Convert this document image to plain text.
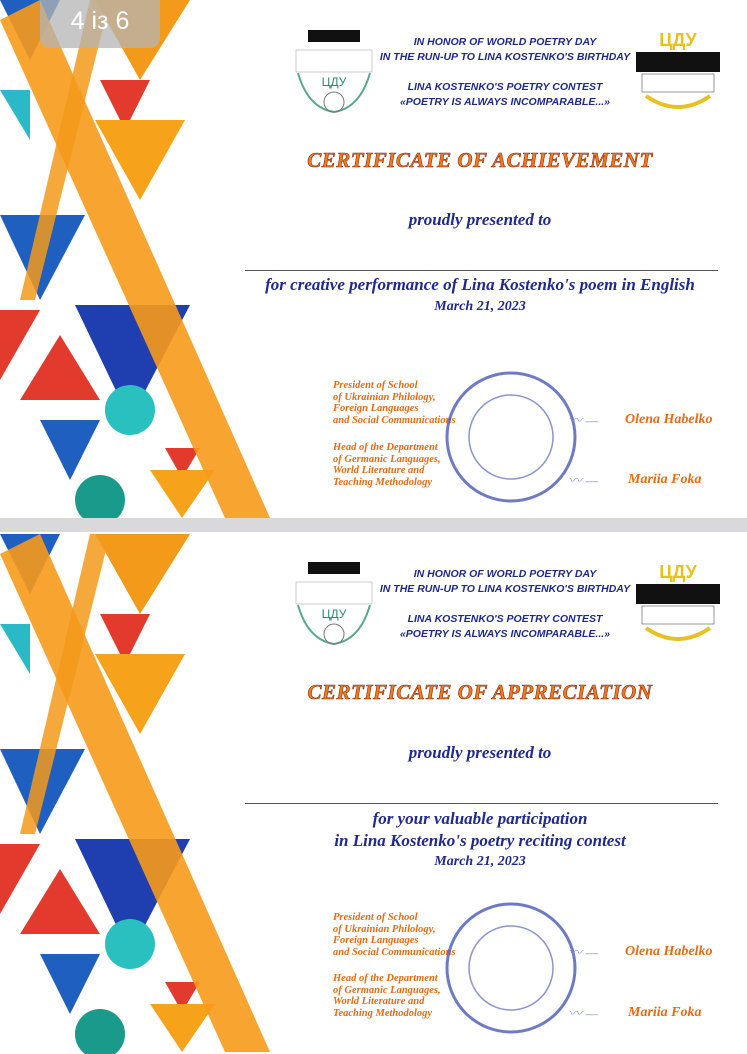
4 із 6
ЦДУ
IN HONOR OF WORLD POETRY DAY
IN THE RUN-UP TO LINA KOSTENKO'S BIRTHDAY
LINA KOSTENKO'S POETRY CONTEST
«POETRY IS ALWAYS INCOMPARABLE...»
ЦДУ
CERTIFICATE OF ACHIEVEMENT
proudly presented to
for creative performance of Lina Kostenko's poem in English
March 21, 2023
President of School
of Ukrainian Philology,
Foreign Languages
and Social Communications
Head of the Department
of Germanic Languages,
World Literature and
Teaching Methodology
〰 — Olena Habelko
〰 — Mariia Foka
ЦДУ
IN HONOR OF WORLD POETRY DAY
IN THE RUN-UP TO LINA KOSTENKO'S BIRTHDAY
LINA KOSTENKO'S POETRY CONTEST
«POETRY IS ALWAYS INCOMPARABLE...»
ЦДУ
CERTIFICATE OF APPRECIATION
proudly presented to
for your valuable participation
in Lina Kostenko's poetry reciting contest
March 21, 2023
President of School
of Ukrainian Philology,
Foreign Languages
and Social Communications
Head of the Department
of Germanic Languages,
World Literature and
Teaching Methodology
〰 — Olena Habelko
〰 — Mariia Foka
